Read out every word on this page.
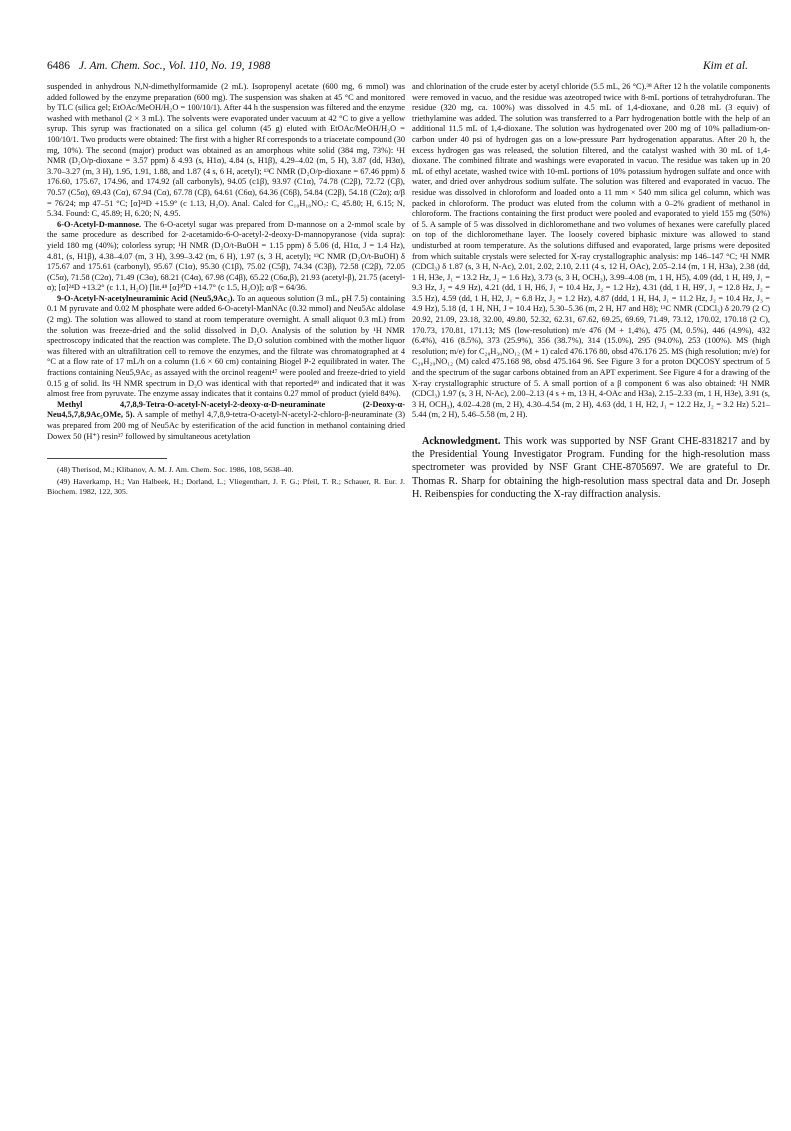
6486 J. Am. Chem. Soc., Vol. 110, No. 19, 1988	Kim et al.

suspended in anhydrous N,N-dimethylformamide (2 mL). Isopropenyl acetate (600 mg, 6 mmol) was added followed by the enzyme preparation (600 mg). The suspension was shaken at 45 °C and monitored by TLC (silica gel; EtOAc/MeOH/H₂O = 100/10/1). After 44 h the suspension was filtered and the enzyme washed with methanol (2 × 3 mL). The solvents were evaporated under vacuum at 42 °C to give a yellow syrup. This syrup was fractionated on a silica gel column (45 g) eluted with EtOAc/MeOH/H₂O = 100/10/1. Two products were obtained: The first with a higher Rf corresponds to a triacetate compound (30 mg, 10%). The second (major) product was obtained as an amorphous white solid (384 mg, 73%): ¹H NMR (D₂O/p-dioxane = 3.57 ppm) δ 4.93 (s, H1α), 4.84 (s, H1β), 4.29–4.02 (m, 5 H), 3.87 (dd, H3α), 3.70–3.27 (m, 3 H), 1.95, 1.91, 1.88, and 1.87 (4 s, 6 H, acetyl); ¹³C NMR (D₂O/p-dioxane = 67.46 ppm) δ 176.60, 175.67, 174.96, and 174.92 (all carbonyls), 94.05 (c1β), 93.97 (C1α), 74.78 (C2β), 72.72 (Cβ), 70.57 (C5α), 69.43 (Cα), 67.94 (Cα), 67.78 (Cβ), 64.61 (C6α), 64.36 (C6β), 54.84 (C2β), 54.18 (C2α); α/β = 76/24; mp 47–51 °C; [α]²⁴D +15.9° (c 1.13, H₂O). Anal. Calcd for C₁₀H₁₆NO₇: C, 45.80; H, 6.15; N, 5.34. Found: C, 45.89; H, 6.20; N, 4.95.

6-O-Acetyl-D-mannose. The 6-O-acetyl sugar was prepared from D-mannose on a 2-mmol scale by the same procedure as described for 2-acetamido-6-O-acetyl-2-deoxy-D-mannopyranose (vida supra): yield 180 mg (40%); colorless syrup; ¹H NMR (D₂O/t-BuOH = 1.15 ppm) δ 5.06 (d, H1α, J = 1.4 Hz), 4.81, (s, H1β), 4.38–4.07 (m, 3 H), 3.99–3.42 (m, 6 H), 1.97 (s, 3 H, acetyl); ¹³C NMR (D₂O/t-BuOH) δ 175.67 and 175.61 (carbonyl), 95.67 (C1α), 95.30 (C1β), 75.02 (C5β), 74.34 (C3β), 72.58 (C2β), 72.05 (C5α), 71.58 (C2α), 71.49 (C3α), 68.21 (C4α), 67.98 (C4β), 65.22 (C6α,β), 21.93 (acetyl-β), 21.75 (acetyl-α); [α]²⁴D +13.2° (c 1.1, H₂O) [lit.⁴⁸ [α]³⁰D +14.7° (c 1.5, H₂O)]; α/β = 64/36.

9-O-Acetyl-N-acetylneuraminic Acid (Neu5,9Ac₂). To an aqueous solution (3 mL, pH 7.5) containing 0.1 M pyruvate and 0.02 M phosphate were added 6-O-acetyl-ManNAc (0.32 mmol) and Neu5Ac aldolase (2 mg). The solution was allowed to stand at room temperature overnight. A small aliquot 0.3 mL) from the solution was freeze-dried and the solid dissolved in D₂O. Analysis of the solution by ¹H NMR spectroscopy indicated that the reaction was complete. The D₂O solution combined with the mother liquor was filtered with an ultrafiltration cell to remove the enzymes, and the filtrate was chromatographed at 4 °C at a flow rate of 17 mL/h on a column (1.6 × 60 cm) containing Biogel P-2 equilibrated in water. The fractions containing Neu5,9Ac₂ as assayed with the orcinol reagent⁴⁷ were pooled and freeze-dried to yield 0.15 g of solid. Its ¹H NMR spectrum in D₂O was identical with that reported⁴⁹ and indicated that it was almost free from pyruvate. The enzyme assay indicates that it contains 0.27 mmol of product (yield 84%).

Methyl 4,7,8,9-Tetra-O-acetyl-N-acetyl-2-deoxy-α-D-neuraminate (2-Deoxy-α-Neu4,5,7,8,9Ac₅OMe, 5). A sample of methyl 4,7,8,9-tetra-O-acetyl-N-acetyl-2-chloro-β-neuraminate (3) was prepared from 200 mg of Neu5Ac by esterification of the acid function in methanol containing dried Dowex 50 (H⁺) resin³⁷ followed by simultaneous acetylation

(48) Therisod, M.; Klibanov, A. M. J. Am. Chem. Soc. 1986, 108, 5638–40.

(49) Haverkamp, H.; Van Halbeek, H.; Dorland, L.; Vliegenthart, J. F. G.; Pfeil, T. R.; Schauer, R. Eur. J. Biochem. 1982, 122, 305.

and chlorination of the crude ester by acetyl chloride (5.5 mL, 26 °C).³⁸ After 12 h the volatile components were removed in vacuo, and the residue was azeotroped twice with 8-mL portions of tetrahydrofuran. The residue (320 mg, ca. 100%) was dissolved in 4.5 mL of 1,4-dioxane, and 0.28 mL (3 equiv) of triethylamine was added. The solution was transferred to a Parr hydrogenation bottle with the help of an additional 11.5 mL of 1,4-dioxane. The solution was hydrogenated over 200 mg of 10% palladium-on-carbon under 40 psi of hydrogen gas on a low-pressure Parr hydrogenation apparatus. After 20 h, the excess hydrogen gas was released, the solution filtered, and the catalyst washed with 30 mL of 1,4-dioxane. The combined filtrate and washings were evaporated in vacuo. The residue was taken up in 20 mL of ethyl acetate, washed twice with 10-mL portions of 10% potassium hydrogen sulfate and once with water, and dried over anhydrous sodium sulfate. The solution was filtered and evaporated in vacuo. The residue was dissolved in chloroform and loaded onto a 11 mm × 540 mm silica gel column, which was packed in chloroform. The product was eluted from the column with a 0–2% gradient of methanol in chloroform. The fractions containing the first product were pooled and evaporated to yield 155 mg (50%) of 5. A sample of 5 was dissolved in dichloromethane and two volumes of hexanes were carefully placed on top of the dichloromethane layer. The loosely covered biphasic mixture was allowed to stand undisturbed at room temperature. As the solutions diffused and evaporated, large prisms were deposited from which suitable crystals were selected for X-ray crystallographic analysis: mp 146–147 °C; ¹H NMR (CDCl₃) δ 1.87 (s, 3 H, N-Ac), 2.01, 2.02, 2.10, 2.11 (4 s, 12 H, OAc), 2.05–2.14 (m, 1 H, H3a), 2.38 (dd, 1 H, H3e, J₁ = 13.2 Hz, J₂ = 1.6 Hz), 3.73 (s, 3 H, OCH₃), 3.99–4.08 (m, 1 H, H5), 4.09 (dd, 1 H, H9, J₁ = 9.3 Hz, J₂ = 4.9 Hz), 4.21 (dd, 1 H, H6, J₁ = 10.4 Hz, J₂ = 1.2 Hz), 4.31 (dd, 1 H, H9′, J₁ = 12.8 Hz, J₂ = 3.5 Hz), 4.59 (dd, 1 H, H2, J₁ = 6.8 Hz, J₂ = 1.2 Hz), 4.87 (ddd, 1 H, H4, J₁ = 11.2 Hz, J₂ = 10.4 Hz, J₃ = 4.9 Hz), 5.18 (d, 1 H, NH, J = 10.4 Hz), 5.30–5.36 (m, 2 H, H7 and H8); ¹³C NMR (CDCl₃) δ 20.79 (2 C) 20.92, 21.09, 23.18, 32.00, 49.80, 52.32, 62.31, 67.62, 69.25, 69.69, 71.49, 73.12, 170.02, 170.18 (2 C), 170.73, 170.81, 171.13; MS (low-resolution) m/e 476 (M + 1,4%), 475 (M, 0.5%), 446 (4.9%), 432 (6.4%), 416 (8.5%), 373 (25.9%), 356 (38.7%), 314 (15.0%), 295 (94.0%), 253 (100%). MS (high resolution; m/e) for C₂₀H₃₀NO₁₂ (M + 1) calcd 476.176 80, obsd 476.176 25. MS (high resolution; m/e) for C₂₀H₂₉NO₁₂ (M) calcd 475.168 98, obsd 475.164 96. See Figure 3 for a proton DQCOSY spectrum of 5 and the spectrum of the sugar carbons obtained from an APT experiment. See Figure 4 for a drawing of the X-ray crystallographic structure of 5. A small portion of a β component 6 was also obtained: ¹H NMR (CDCl₃) 1.97 (s, 3 H, N-Ac), 2.00–2.13 (4 s + m, 13 H, 4-OAc and H3a), 2.15–2.33 (m, 1 H, H3e), 3.91 (s, 3 H, OCH₃), 4.02–4.28 (m, 2 H), 4.30–4.54 (m, 2 H), 4.63 (dd, 1 H, H2, J₁ = 12.2 Hz, J₂ = 3.2 Hz) 5.21–5.44 (m, 2 H), 5.46–5.58 (m, 2 H).

Acknowledgment. This work was supported by NSF Grant CHE-8318217 and by the Presidential Young Investigator Program. Funding for the high-resolution mass spectrometer was provided by NSF Grant CHE-8705697. We are grateful to Dr. Thomas R. Sharp for obtaining the high-resolution mass spectral data and Dr. Joseph H. Reibenspies for conducting the X-ray diffraction analysis.
